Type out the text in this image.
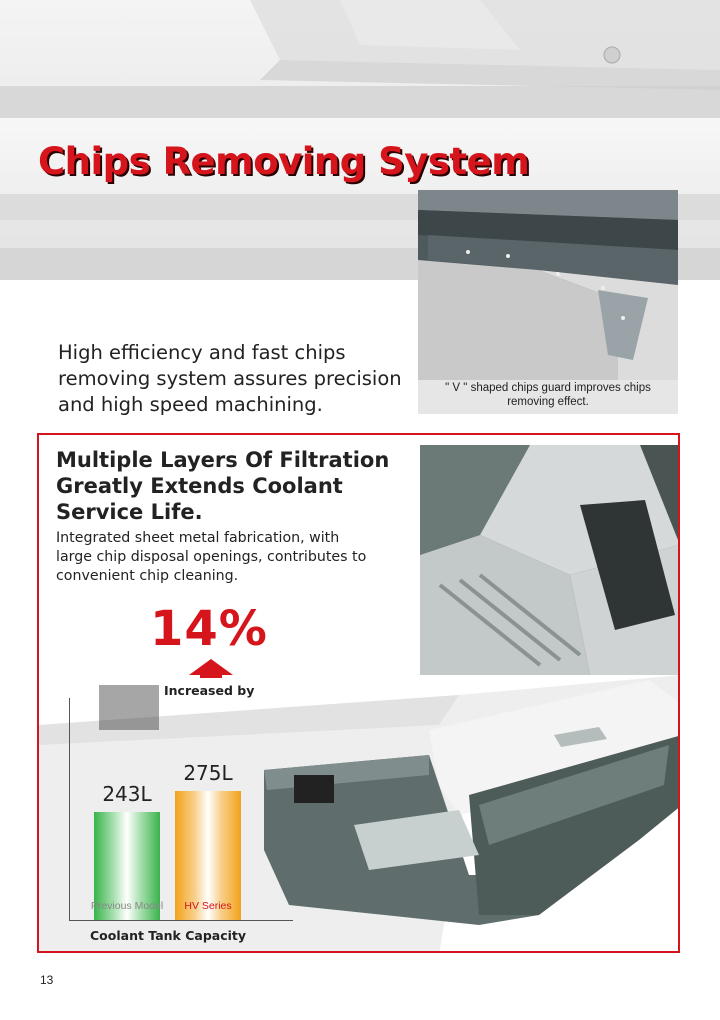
Chips Removing System
" V " shaped chips guard improves chips removing effect.

High efficiency and fast chips removing system assures precision and high speed machining.

Multiple Layers Of Filtration Greatly Extends Coolant Service Life.

Integrated sheet metal fabrication, with large chip disposal openings, contributes to convenient chip cleaning.

14%
Increased by
243L
275L
Previous Model	HV Series
Coolant Tank Capacity
13
